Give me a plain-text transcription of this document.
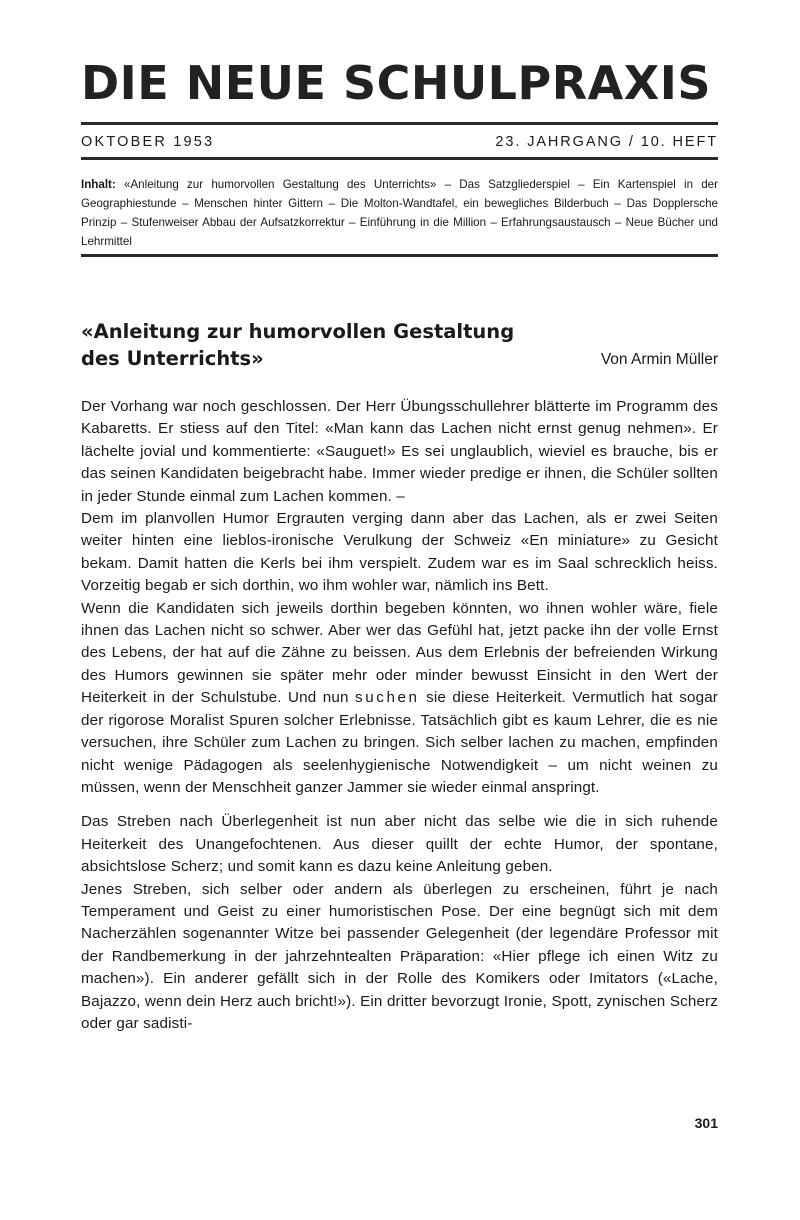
DIE NEUE SCHULPRAXIS
OKTOBER 1953	23. JAHRGANG / 10. HEFT
Inhalt: «Anleitung zur humorvollen Gestaltung des Unterrichts» – Das Satzgliederspiel – Ein Kartenspiel in der Geographiestunde – Menschen hinter Gittern – Die Molton-Wandtafel, ein bewegliches Bilderbuch – Das Dopplersche Prinzip – Stufenweiser Abbau der Aufsatzkorrektur – Einführung in die Million – Erfahrungsaustausch – Neue Bücher und Lehrmittel
«Anleitung zur humorvollen Gestaltung
des Unterrichts»	Von Armin Müller

Der Vorhang war noch geschlossen. Der Herr Übungsschullehrer blätterte im Programm des Kabaretts. Er stiess auf den Titel: «Man kann das Lachen nicht ernst genug nehmen». Er lächelte jovial und kommentierte: «Sauguet!» Es sei unglaublich, wieviel es brauche, bis er das seinen Kandidaten beigebracht habe. Immer wieder predige er ihnen, die Schüler sollten in jeder Stunde einmal zum Lachen kommen. –

Dem im planvollen Humor Ergrauten verging dann aber das Lachen, als er zwei Seiten weiter hinten eine lieblos-ironische Verulkung der Schweiz «En miniature» zu Gesicht bekam. Damit hatten die Kerls bei ihm verspielt. Zudem war es im Saal schrecklich heiss. Vorzeitig begab er sich dorthin, wo ihm wohler war, nämlich ins Bett.

Wenn die Kandidaten sich jeweils dorthin begeben könnten, wo ihnen wohler wäre, fiele ihnen das Lachen nicht so schwer. Aber wer das Gefühl hat, jetzt packe ihn der volle Ernst des Lebens, der hat auf die Zähne zu beissen. Aus dem Erlebnis der befreienden Wirkung des Humors gewinnen sie später mehr oder minder bewusst Einsicht in den Wert der Heiterkeit in der Schulstube. Und nun suchen sie diese Heiterkeit. Vermutlich hat sogar der rigorose Moralist Spuren solcher Erlebnisse. Tatsächlich gibt es kaum Lehrer, die es nie versuchen, ihre Schüler zum Lachen zu bringen. Sich selber lachen zu machen, empfinden nicht wenige Pädagogen als seelenhygienische Notwendigkeit – um nicht weinen zu müssen, wenn der Menschheit ganzer Jammer sie wieder einmal anspringt.

Das Streben nach Überlegenheit ist nun aber nicht das selbe wie die in sich ruhende Heiterkeit des Unangefochtenen. Aus dieser quillt der echte Humor, der spontane, absichtslose Scherz; und somit kann es dazu keine Anleitung geben.

Jenes Streben, sich selber oder andern als überlegen zu erscheinen, führt je nach Temperament und Geist zu einer humoristischen Pose. Der eine begnügt sich mit dem Nacherzählen sogenannter Witze bei passender Gelegenheit (der legendäre Professor mit der Randbemerkung in der jahrzehntealten Präparation: «Hier pflege ich einen Witz zu machen»). Ein anderer gefällt sich in der Rolle des Komikers oder Imitators («Lache, Bajazzo, wenn dein Herz auch bricht!»). Ein dritter bevorzugt Ironie, Spott, zynischen Scherz oder gar sadisti-

301
